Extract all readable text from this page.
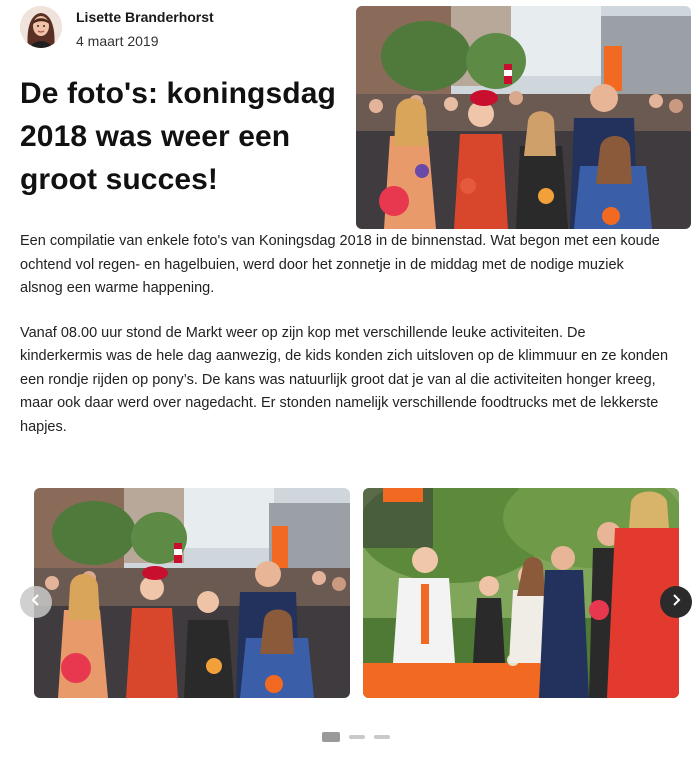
Lisette Branderhorst
4 maart 2019
De foto's: koningsdag 2018 was weer een groot succes!

Een compilatie van enkele foto's van Koningsdag 2018 in de binnenstad. Wat begon met een koude ochtend vol regen- en hagelbuien, werd door het zonnetje in de middag met de nodige muziek alsnog een warme happening.

Vanaf 08.00 uur stond de Markt weer op zijn kop met verschillende leuke activiteiten. De kinderkermis was de hele dag aanwezig, de kids konden zich uitsloven op de klimmuur en ze konden een rondje rijden op pony’s. De kans was natuurlijk groot dat je van al die activiteiten honger kreeg, maar ook daar werd over nagedacht. Er stonden namelijk verschillende foodtrucks met de lekkerste hapjes.
